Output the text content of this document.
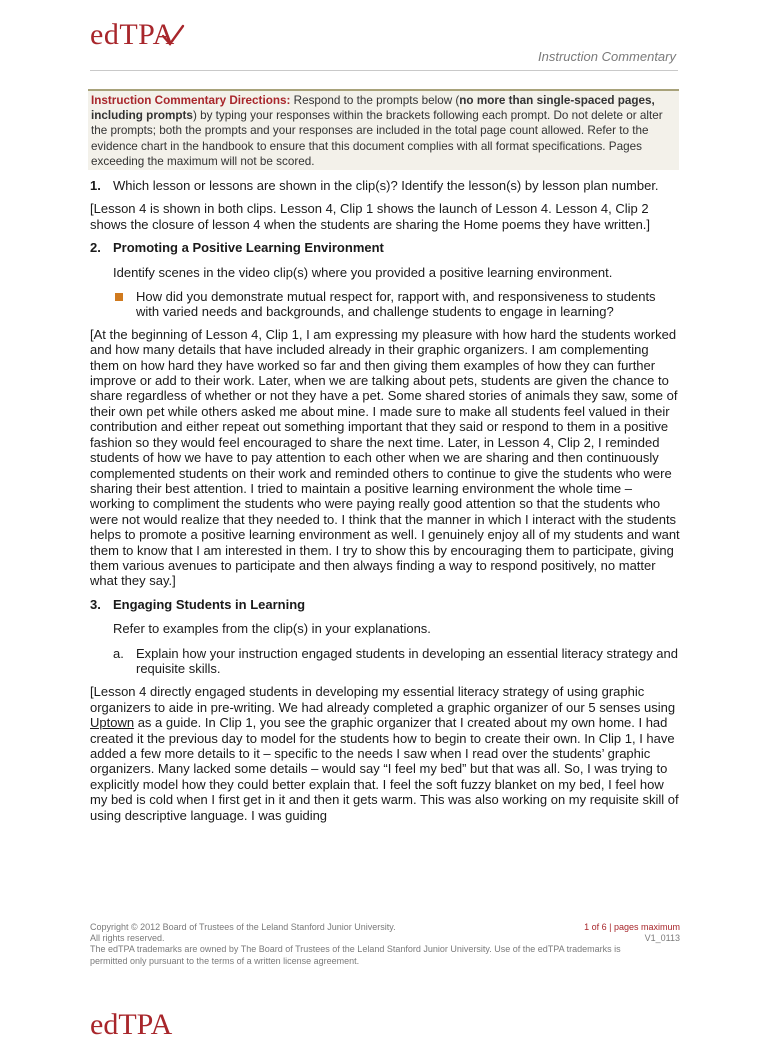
edTPA
Instruction Commentary
Instruction Commentary Directions: Respond to the prompts below (no more than single-spaced pages, including prompts) by typing your responses within the brackets following each prompt. Do not delete or alter the prompts; both the prompts and your responses are included in the total page count allowed. Refer to the evidence chart in the handbook to ensure that this document complies with all format specifications. Pages exceeding the maximum will not be scored.
1. Which lesson or lessons are shown in the clip(s)? Identify the lesson(s) by lesson plan number.
[Lesson 4 is shown in both clips. Lesson 4, Clip 1 shows the launch of Lesson 4. Lesson 4, Clip 2 shows the closure of lesson 4 when the students are sharing the Home poems they have written.]
2. Promoting a Positive Learning Environment
Identify scenes in the video clip(s) where you provided a positive learning environment.
How did you demonstrate mutual respect for, rapport with, and responsiveness to students with varied needs and backgrounds, and challenge students to engage in learning?
[At the beginning of Lesson 4, Clip 1, I am expressing my pleasure with how hard the students worked and how many details that have included already in their graphic organizers. I am complementing them on how hard they have worked so far and then giving them examples of how they can further improve or add to their work. Later, when we are talking about pets, students are given the chance to share regardless of whether or not they have a pet. Some shared stories of animals they saw, some of their own pet while others asked me about mine. I made sure to make all students feel valued in their contribution and either repeat out something important that they said or respond to them in a positive fashion so they would feel encouraged to share the next time. Later, in Lesson 4, Clip 2, I reminded students of how we have to pay attention to each other when we are sharing and then continuously complemented students on their work and reminded others to continue to give the students who were sharing their best attention. I tried to maintain a positive learning environment the whole time – working to compliment the students who were paying really good attention so that the students who were not would realize that they needed to. I think that the manner in which I interact with the students helps to promote a positive learning environment as well. I genuinely enjoy all of my students and want them to know that I am interested in them. I try to show this by encouraging them to participate, giving them various avenues to participate and then always finding a way to respond positively, no matter what they say.]
3. Engaging Students in Learning
Refer to examples from the clip(s) in your explanations.
a. Explain how your instruction engaged students in developing an essential literacy strategy and requisite skills.
[Lesson 4 directly engaged students in developing my essential literacy strategy of using graphic organizers to aide in pre-writing. We had already completed a graphic organizer of our 5 senses using Uptown as a guide. In Clip 1, you see the graphic organizer that I created about my own home. I had created it the previous day to model for the students how to begin to create their own. In Clip 1, I have added a few more details to it – specific to the needs I saw when I read over the students’ graphic organizers. Many lacked some details – would say “I feel my bed” but that was all. So, I was trying to explicitly model how they could better explain that. I feel the soft fuzzy blanket on my bed, I feel how my bed is cold when I first get in it and then it gets warm. This was also working on my requisite skill of using descriptive language. I was guiding
Copyright © 2012 Board of Trustees of the Leland Stanford Junior University.
All rights reserved.
The edTPA trademarks are owned by The Board of Trustees of the Leland Stanford Junior University. Use of the edTPA trademarks is permitted only pursuant to the terms of a written license agreement.
1 of 6 | pages maximum
V1_0113
edTPA
